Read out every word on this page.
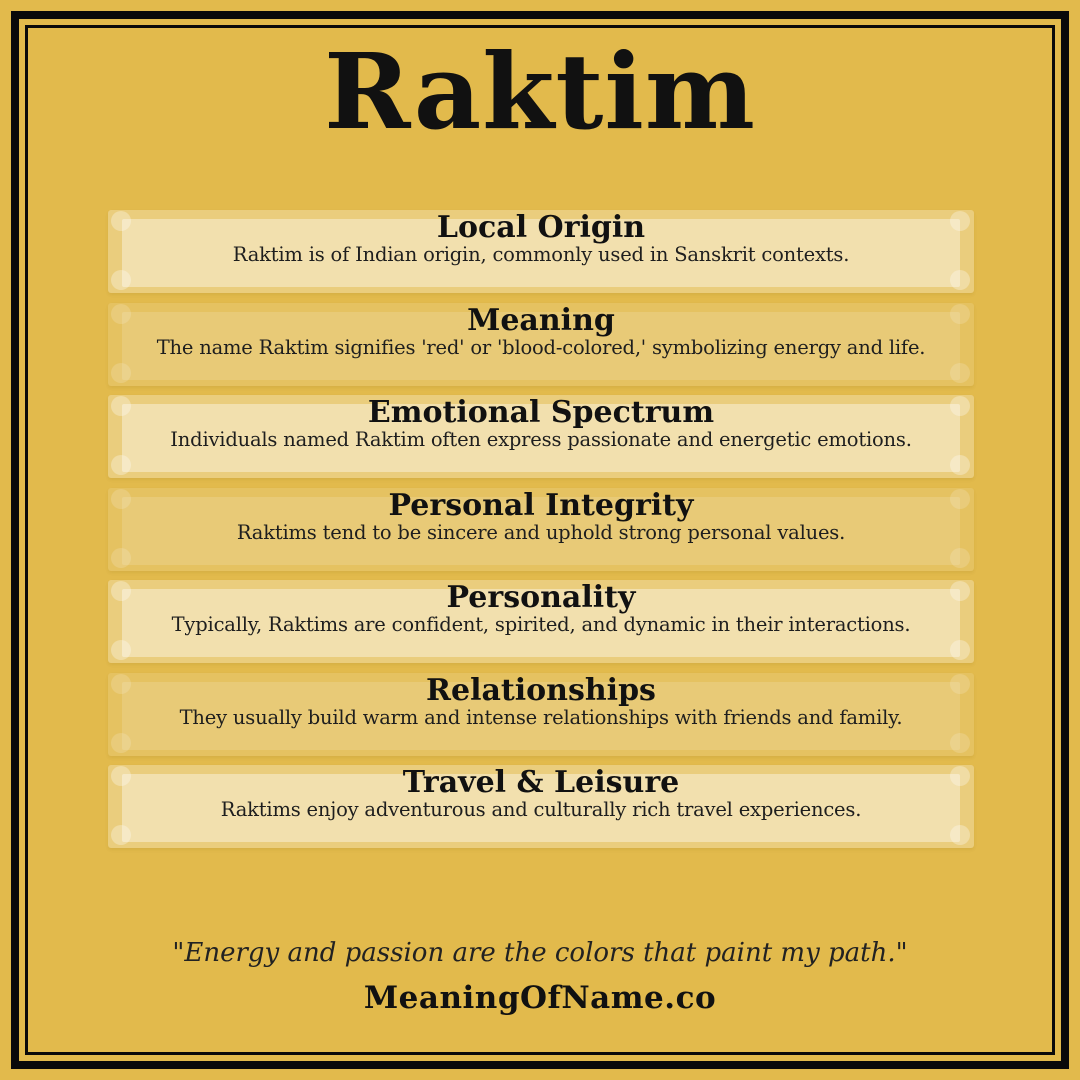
Raktim
Local Origin

Raktim is of Indian origin, commonly used in Sanskrit contexts.

Meaning

The name Raktim signifies 'red' or 'blood-colored,' symbolizing energy and life.

Emotional Spectrum

Individuals named Raktim often express passionate and energetic emotions.

Personal Integrity

Raktims tend to be sincere and uphold strong personal values.

Personality

Typically, Raktims are confident, spirited, and dynamic in their interactions.

Relationships

They usually build warm and intense relationships with friends and family.

Travel & Leisure

Raktims enjoy adventurous and culturally rich travel experiences.

"Energy and passion are the colors that paint my path."

MeaningOfName.co
